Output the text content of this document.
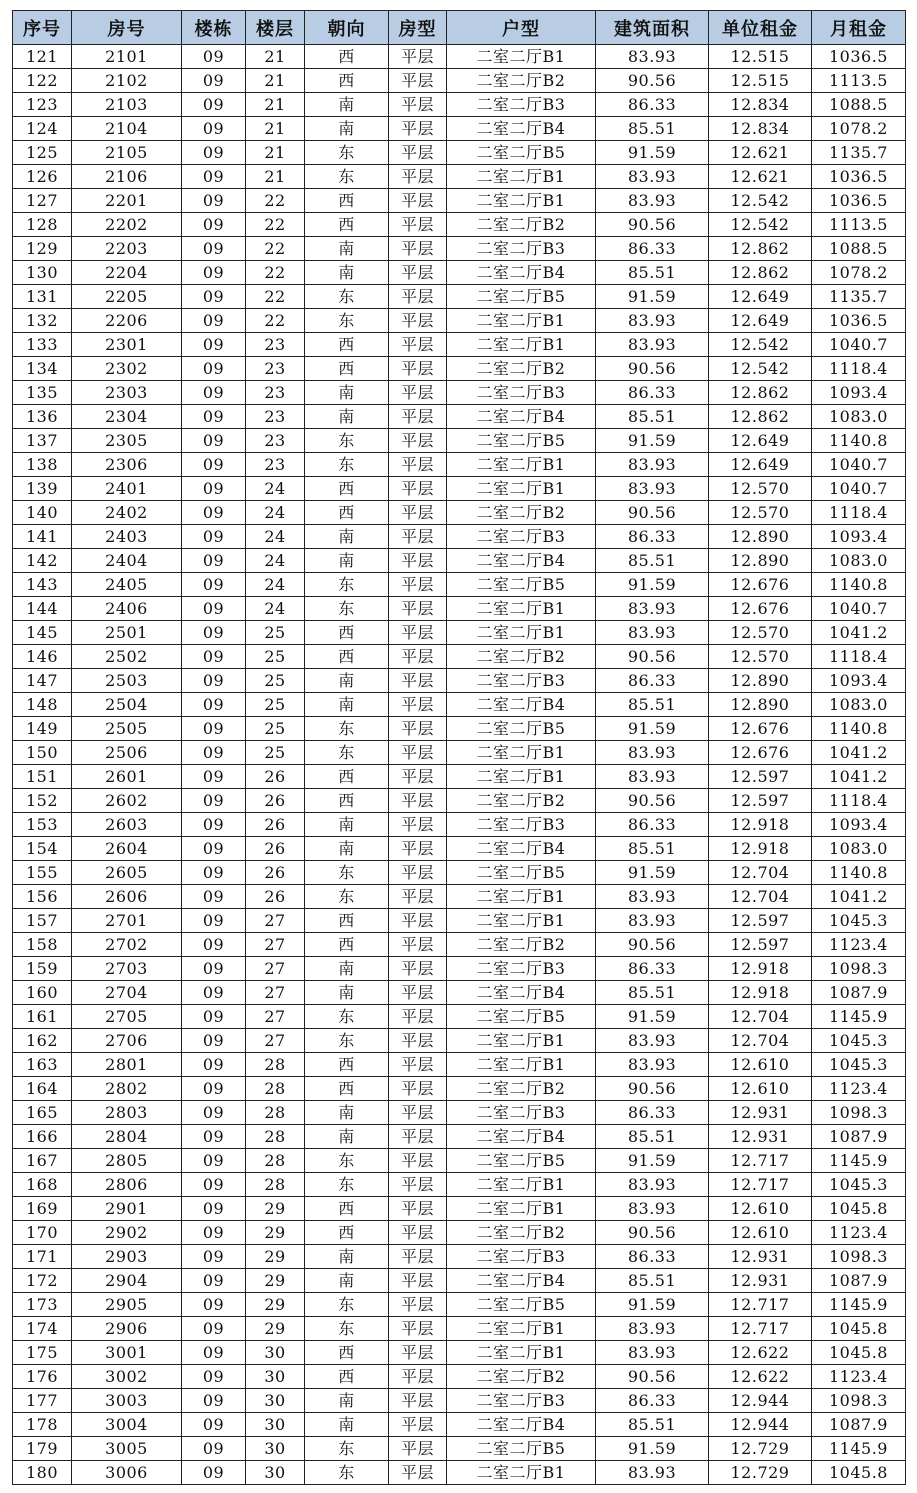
序号	房号	楼栋	楼层	朝向	房型	户型	建筑面积	单位租金	月租金
121	2101	09	21	西	平层	二室二厅B1	83.93	12.515	1036.5
122	2102	09	21	西	平层	二室二厅B2	90.56	12.515	1113.5
123	2103	09	21	南	平层	二室二厅B3	86.33	12.834	1088.5
124	2104	09	21	南	平层	二室二厅B4	85.51	12.834	1078.2
125	2105	09	21	东	平层	二室二厅B5	91.59	12.621	1135.7
126	2106	09	21	东	平层	二室二厅B1	83.93	12.621	1036.5
127	2201	09	22	西	平层	二室二厅B1	83.93	12.542	1036.5
128	2202	09	22	西	平层	二室二厅B2	90.56	12.542	1113.5
129	2203	09	22	南	平层	二室二厅B3	86.33	12.862	1088.5
130	2204	09	22	南	平层	二室二厅B4	85.51	12.862	1078.2
131	2205	09	22	东	平层	二室二厅B5	91.59	12.649	1135.7
132	2206	09	22	东	平层	二室二厅B1	83.93	12.649	1036.5
133	2301	09	23	西	平层	二室二厅B1	83.93	12.542	1040.7
134	2302	09	23	西	平层	二室二厅B2	90.56	12.542	1118.4
135	2303	09	23	南	平层	二室二厅B3	86.33	12.862	1093.4
136	2304	09	23	南	平层	二室二厅B4	85.51	12.862	1083.0
137	2305	09	23	东	平层	二室二厅B5	91.59	12.649	1140.8
138	2306	09	23	东	平层	二室二厅B1	83.93	12.649	1040.7
139	2401	09	24	西	平层	二室二厅B1	83.93	12.570	1040.7
140	2402	09	24	西	平层	二室二厅B2	90.56	12.570	1118.4
141	2403	09	24	南	平层	二室二厅B3	86.33	12.890	1093.4
142	2404	09	24	南	平层	二室二厅B4	85.51	12.890	1083.0
143	2405	09	24	东	平层	二室二厅B5	91.59	12.676	1140.8
144	2406	09	24	东	平层	二室二厅B1	83.93	12.676	1040.7
145	2501	09	25	西	平层	二室二厅B1	83.93	12.570	1041.2
146	2502	09	25	西	平层	二室二厅B2	90.56	12.570	1118.4
147	2503	09	25	南	平层	二室二厅B3	86.33	12.890	1093.4
148	2504	09	25	南	平层	二室二厅B4	85.51	12.890	1083.0
149	2505	09	25	东	平层	二室二厅B5	91.59	12.676	1140.8
150	2506	09	25	东	平层	二室二厅B1	83.93	12.676	1041.2
151	2601	09	26	西	平层	二室二厅B1	83.93	12.597	1041.2
152	2602	09	26	西	平层	二室二厅B2	90.56	12.597	1118.4
153	2603	09	26	南	平层	二室二厅B3	86.33	12.918	1093.4
154	2604	09	26	南	平层	二室二厅B4	85.51	12.918	1083.0
155	2605	09	26	东	平层	二室二厅B5	91.59	12.704	1140.8
156	2606	09	26	东	平层	二室二厅B1	83.93	12.704	1041.2
157	2701	09	27	西	平层	二室二厅B1	83.93	12.597	1045.3
158	2702	09	27	西	平层	二室二厅B2	90.56	12.597	1123.4
159	2703	09	27	南	平层	二室二厅B3	86.33	12.918	1098.3
160	2704	09	27	南	平层	二室二厅B4	85.51	12.918	1087.9
161	2705	09	27	东	平层	二室二厅B5	91.59	12.704	1145.9
162	2706	09	27	东	平层	二室二厅B1	83.93	12.704	1045.3
163	2801	09	28	西	平层	二室二厅B1	83.93	12.610	1045.3
164	2802	09	28	西	平层	二室二厅B2	90.56	12.610	1123.4
165	2803	09	28	南	平层	二室二厅B3	86.33	12.931	1098.3
166	2804	09	28	南	平层	二室二厅B4	85.51	12.931	1087.9
167	2805	09	28	东	平层	二室二厅B5	91.59	12.717	1145.9
168	2806	09	28	东	平层	二室二厅B1	83.93	12.717	1045.3
169	2901	09	29	西	平层	二室二厅B1	83.93	12.610	1045.8
170	2902	09	29	西	平层	二室二厅B2	90.56	12.610	1123.4
171	2903	09	29	南	平层	二室二厅B3	86.33	12.931	1098.3
172	2904	09	29	南	平层	二室二厅B4	85.51	12.931	1087.9
173	2905	09	29	东	平层	二室二厅B5	91.59	12.717	1145.9
174	2906	09	29	东	平层	二室二厅B1	83.93	12.717	1045.8
175	3001	09	30	西	平层	二室二厅B1	83.93	12.622	1045.8
176	3002	09	30	西	平层	二室二厅B2	90.56	12.622	1123.4
177	3003	09	30	南	平层	二室二厅B3	86.33	12.944	1098.3
178	3004	09	30	南	平层	二室二厅B4	85.51	12.944	1087.9
179	3005	09	30	东	平层	二室二厅B5	91.59	12.729	1145.9
180	3006	09	30	东	平层	二室二厅B1	83.93	12.729	1045.8
